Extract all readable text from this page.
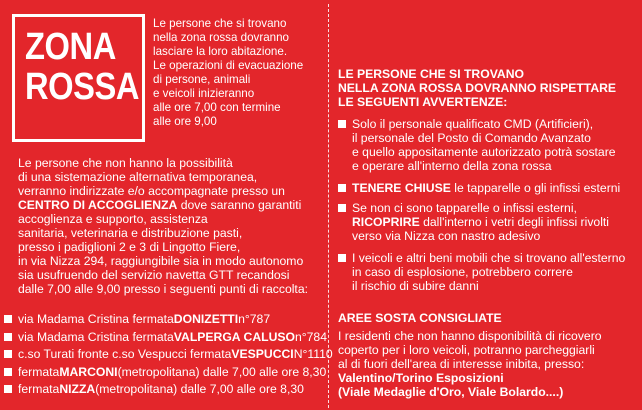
ZONA
ROSSA
Le persone che si trovano
nella zona rossa dovranno
lasciare la loro abitazione.
Le operazioni di evacuazione
di persone, animali
e veicoli inizieranno
alle ore 7,00 con termine
alle ore 9,00
Le persone che non hanno la possibilità
di una sistemazione alternativa temporanea,
verranno indirizzate e/o accompagnate presso un
CENTRO DI ACCOGLIENZA dove saranno garantiti
accoglienza e supporto, assistenza
sanitaria, veterinaria e distribuzione pasti,
presso i padiglioni 2 e 3 di Lingotto Fiere,
in via Nizza 294, raggiungibile sia in modo autonomo
sia usufruendo del servizio navetta GTT recandosi
dalle 7,00 alle 9,00 presso i seguenti punti di raccolta:
via Madama Cristina fermata DONIZETTI n°787
via Madama Cristina fermata VALPERGA CALUSO n°784
c.so Turati fronte c.so Vespucci fermata VESPUCCI N°1110
fermata MARCONI (metropolitana) dalle 7,00 alle ore 8,30
fermata NIZZA (metropolitana) dalle 7,00 alle ore 8,30
LE PERSONE CHE SI TROVANO
NELLA ZONA ROSSA DOVRANNO RISPETTARE
LE SEGUENTI AVVERTENZE:
Solo il personale qualificato CMD (Artificieri),
il personale del Posto di Comando Avanzato
e quello appositamente autorizzato potrà sostare
e operare all'interno della zona rossa
TENERE CHIUSE le tapparelle o gli infissi esterni
Se non ci sono tapparelle o infissi esterni,
RICOPRIRE dall'interno i vetri degli infissi rivolti
verso via Nizza con nastro adesivo
I veicoli e altri beni mobili che si trovano all'esterno
in caso di esplosione, potrebbero correre
il rischio di subire danni
AREE SOSTA CONSIGLIATE
I residenti che non hanno disponibilità di ricovero
coperto per i loro veicoli, potranno parcheggiarli
al di fuori dell'area di interesse inibita, presso:
Valentino/Torino Esposizioni
(Viale Medaglie d'Oro, Viale Bolardo....)
